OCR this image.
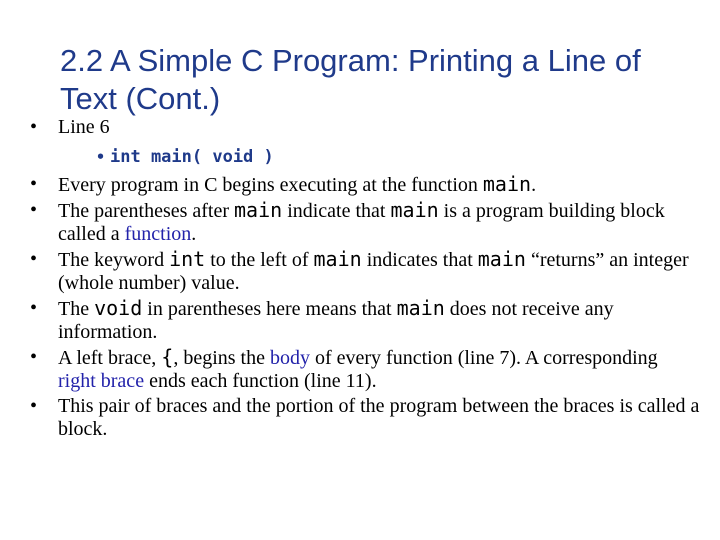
2.2 A Simple C Program: Printing a Line of Text (Cont.)
• Line 6
• int main( void )
• Every program in C begins executing at the function main.
• The parentheses after main indicate that main is a program building block called a function.
• The keyword int to the left of main indicates that main “returns” an integer (whole number) value.
• The void in parentheses here means that main does not receive any information.
• A left brace, {, begins the body of every function (line 7). A corresponding right brace ends each function (line 11).
• This pair of braces and the portion of the program between the braces is called a block.
